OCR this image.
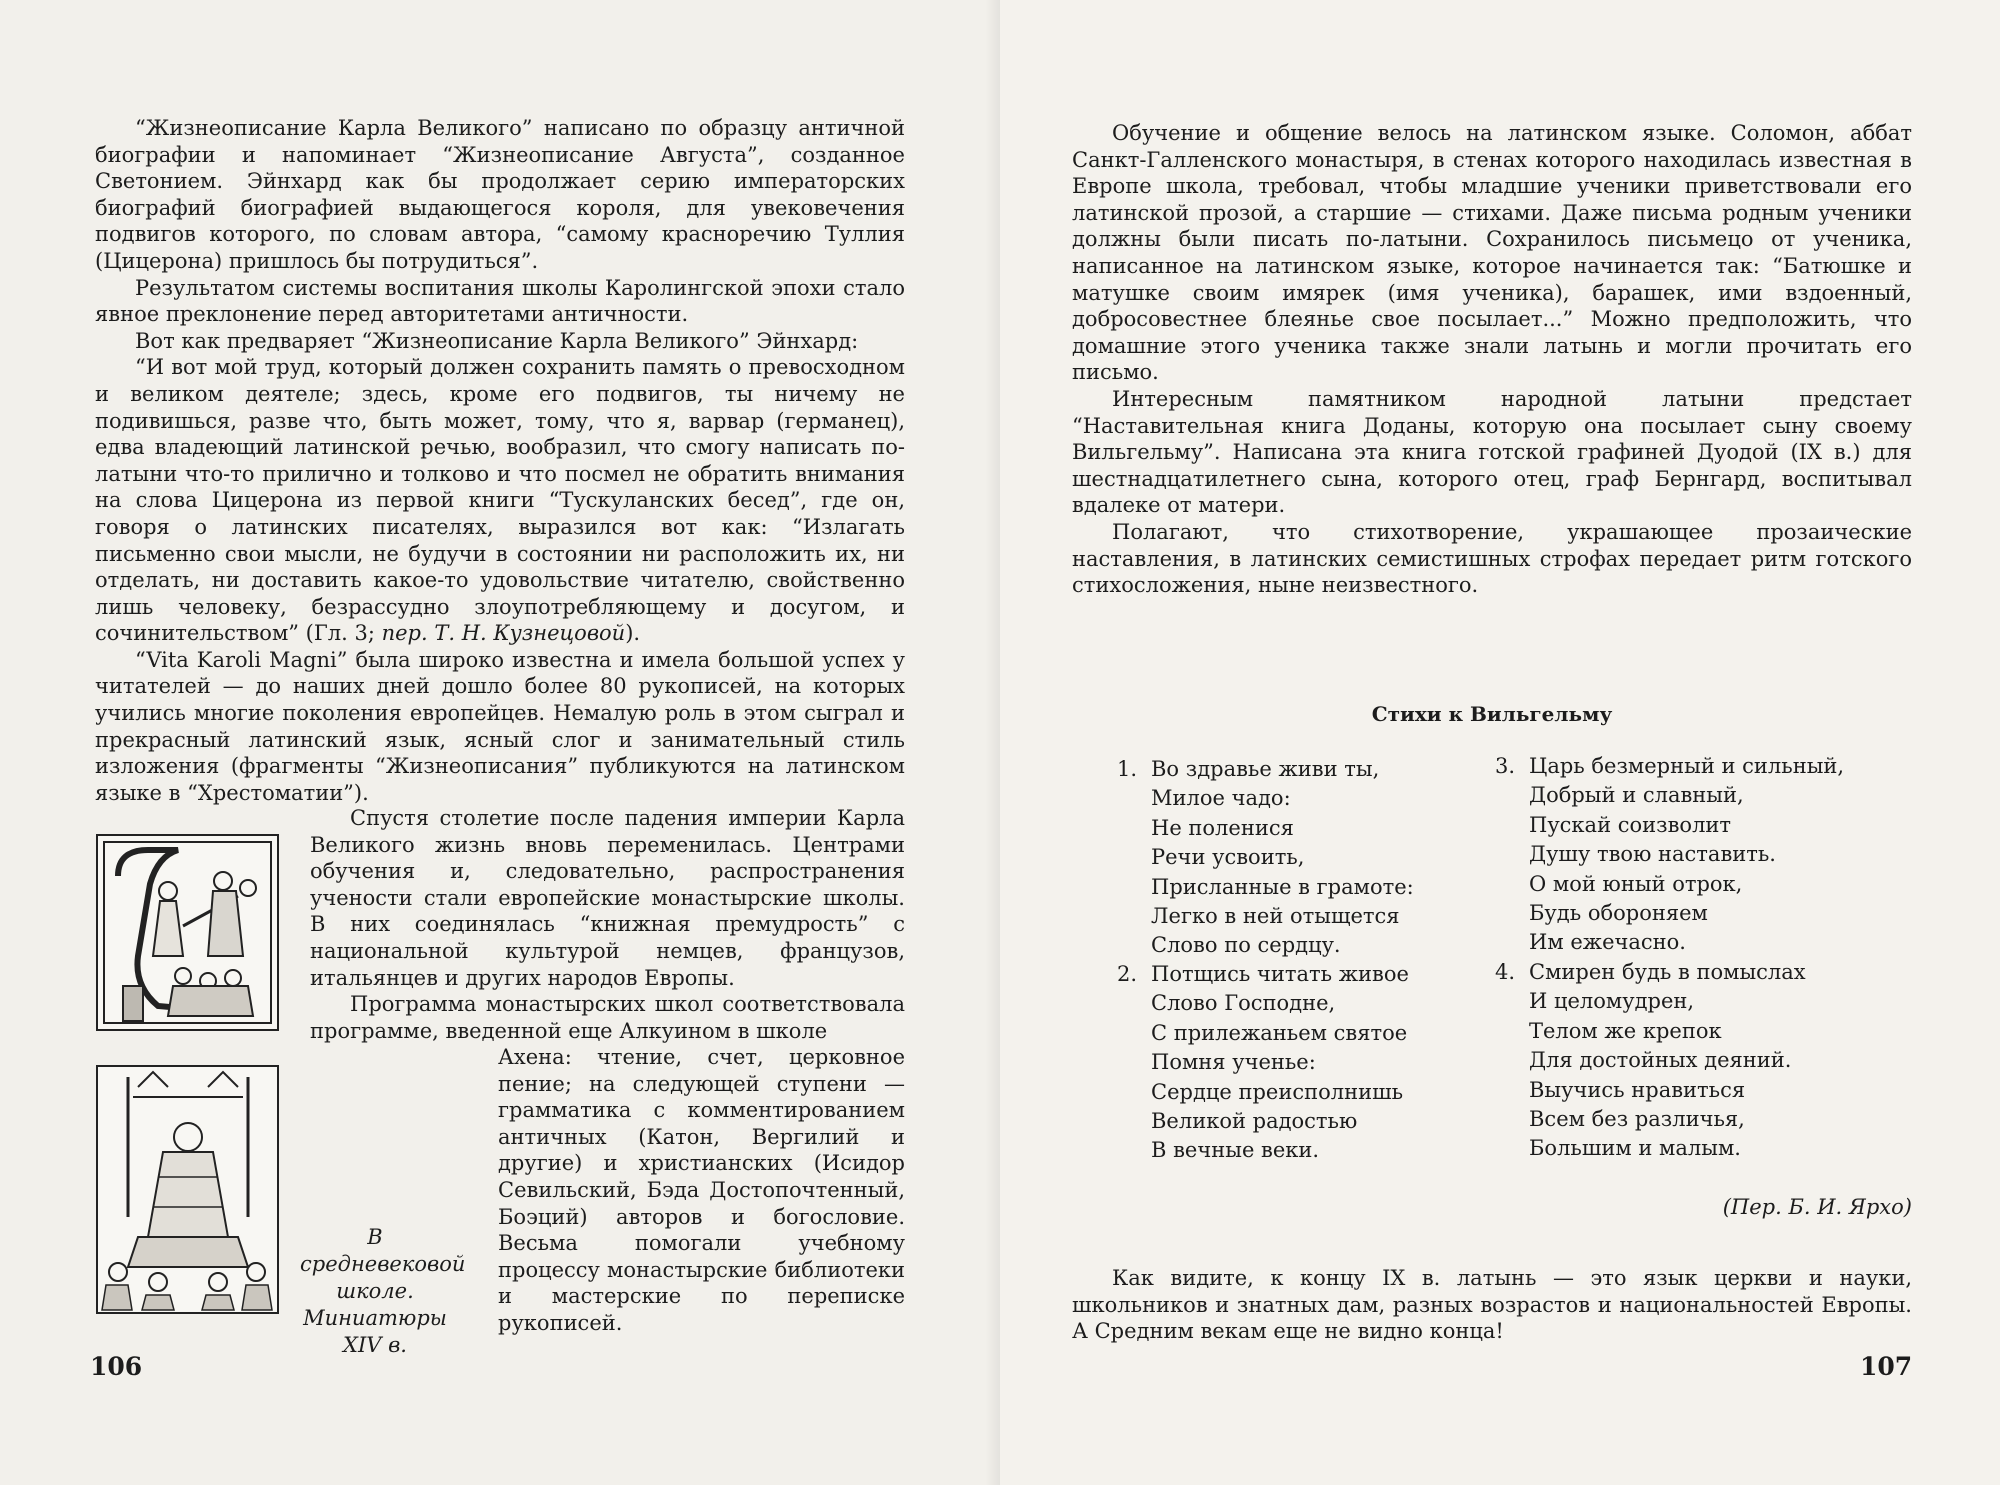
“Жизнеописание Карла Великого” написано по образцу античной биографии и напоминает “Жизнеописание Августа”, созданное Светонием. Эйнхард как бы продолжает серию императорских биографий биографией выдающегося короля, для увековечения подвигов которого, по словам автора, “самому красноречию Туллия (Цицерона) пришлось бы потрудиться”.

Результатом системы воспитания школы Каролингской эпохи стало явное преклонение перед авторитетами античности.

Вот как предваряет “Жизнеописание Карла Великого” Эйнхард:

“И вот мой труд, который должен сохранить память о превосходном и великом деятеле; здесь, кроме его подвигов, ты ничему не подивишься, разве что, быть может, тому, что я, варвар (германец), едва владеющий латинской речью, вообразил, что смогу написать по-латыни что-то прилично и толково и что посмел не обратить внимания на слова Цицерона из первой книги “Тускуланских бесед”, где он, говоря о латинских писателях, выразился вот как: “Излагать письменно свои мысли, не будучи в состоянии ни расположить их, ни отделать, ни доставить какое-то удовольствие читателю, свойственно лишь человеку, безрассудно злоупотребляющему и досугом, и сочинительством” (Гл. 3; пер. Т. Н. Кузнецовой).

“Vita Karoli Magni” была широко известна и имела большой успех у читателей — до наших дней дошло более 80 рукописей, на которых учились многие поколения европейцев. Немалую роль в этом сыграл и прекрасный латинский язык, ясный слог и занимательный стиль изложения (фрагменты “Жизнеописания” публикуются на латинском языке в “Хрестоматии”).

Спустя столетие после падения империи Карла Великого жизнь вновь переменилась. Центрами обучения и, следовательно, распространения учености стали европейские монастырские школы. В них соединялась “книжная премудрость” с национальной культурой немцев, французов, итальянцев и других народов Европы.

Программа монастырских школ соответствовала программе, введенной еще Алкуином в школе

Ахена: чтение, счет, церковное пение; на следующей ступени — грамматика с комментированием античных (Катон, Вергилий и другие) и христианских (Исидор Севильский, Бэда Достопочтенный, Боэций) авторов и богословие. Весьма помогали учебному процессу монастырские библиотеки и мастерские по переписке рукописей.

В средневековой школе. Миниатюры XIV в.
106

Обучение и общение велось на латинском языке. Соломон, аббат Санкт-Галленского монастыря, в стенах которого находилась известная в Европе школа, требовал, чтобы младшие ученики приветствовали его латинской прозой, а старшие — стихами. Даже письма родным ученики должны были писать по-латыни. Сохранилось письмецо от ученика, написанное на латинском языке, которое начинается так: “Батюшке и матушке своим имярек (имя ученика), барашек, ими вздоенный, добросовестнее блеянье свое посылает...” Можно предположить, что домашние этого ученика также знали латынь и могли прочитать его письмо.

Интересным памятником народной латыни предстает “Наставительная книга Доданы, которую она посылает сыну своему Вильгельму”. Написана эта книга готской графиней Дуодой (IX в.) для шестнадцатилетнего сына, которого отец, граф Бернгард, воспитывал вдалеке от матери.

Полагают, что стихотворение, украшающее прозаические наставления, в латинских семистишных строфах передает ритм готского стихосложения, ныне неизвестного.

Стихи к Вильгельму
1. Во здравье живи ты,
Милое чадо:
Не поленися
Речи усвоить,
Присланные в грамоте:
Легко в ней отыщется
Слово по сердцу.
2. Потщись читать живое
Слово Господне,
С прилежаньем святое
Помня ученье:
Сердце преисполнишь
Великой радостью
В вечные веки.
3. Царь безмерный и сильный,
Добрый и славный,
Пускай соизволит
Душу твою наставить.
О мой юный отрок,
Будь обороняем
Им ежечасно.
4. Смирен будь в помыслах
И целомудрен,
Телом же крепок
Для достойных деяний.
Выучись нравиться
Всем без различья,
Большим и малым.
(Пер. Б. И. Ярхо)

Как видите, к концу IX в. латынь — это язык церкви и науки, школьников и знатных дам, разных возрастов и национальностей Европы. А Средним векам еще не видно конца!

107
